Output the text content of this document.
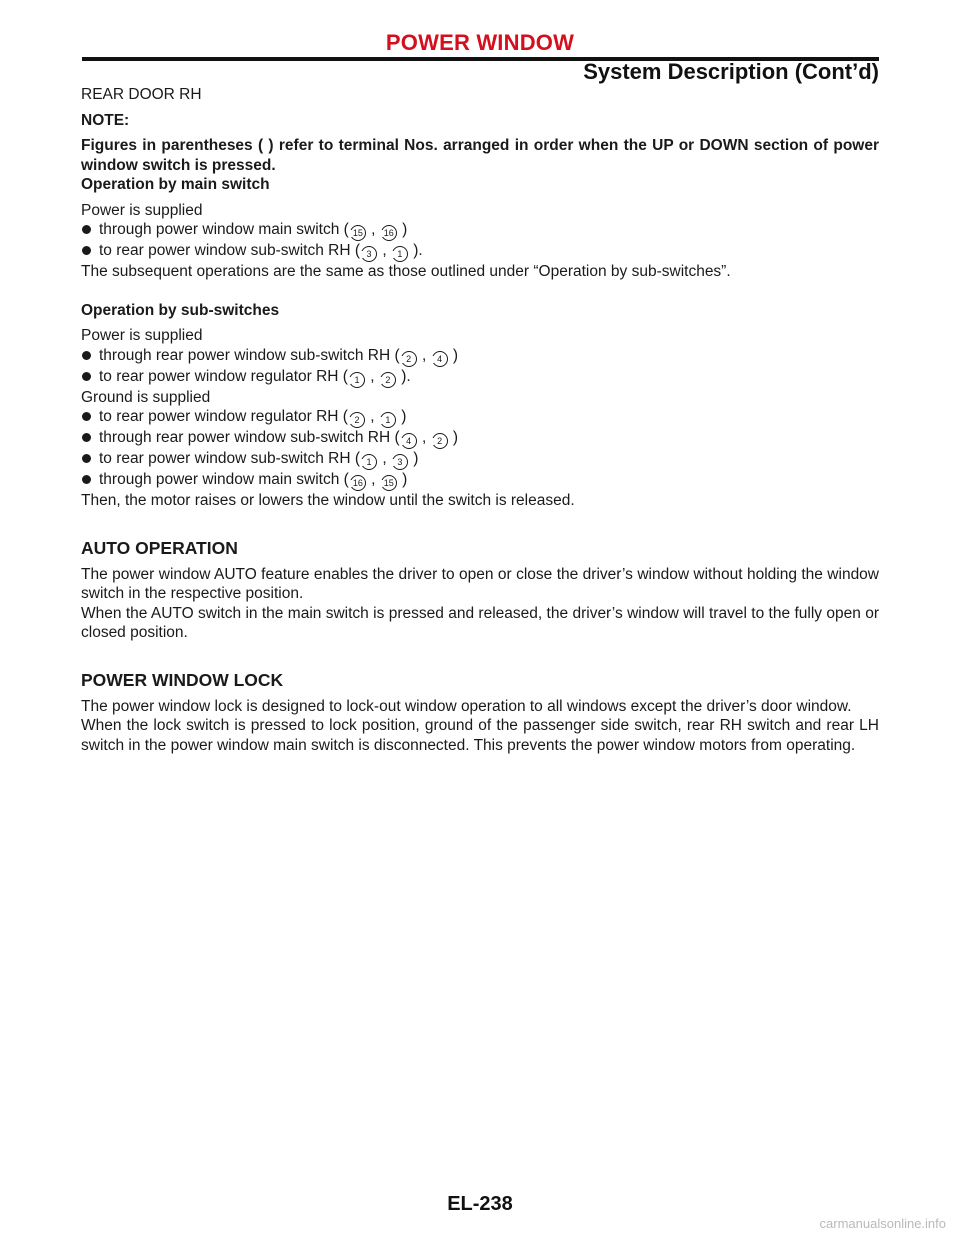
POWER WINDOW
System Description (Cont’d)

REAR DOOR RH

NOTE:

Figures in parentheses ( ) refer to terminal Nos. arranged in order when the UP or DOWN section of power window switch is pressed.

Operation by main switch

Power is supplied

through power window main switch ( 15 , 16 )

to rear power window sub-switch RH ( 3 , 1 ).

The subsequent operations are the same as those outlined under “Operation by sub-switches”.

Operation by sub-switches

Power is supplied

through rear power window sub-switch RH ( 2 , 4 )

to rear power window regulator RH ( 1 , 2 ).

Ground is supplied

to rear power window regulator RH ( 2 , 1 )

through rear power window sub-switch RH ( 4 , 2 )

to rear power window sub-switch RH ( 1 , 3 )

through power window main switch ( 16 , 15 )

Then, the motor raises or lowers the window until the switch is released.

AUTO OPERATION

The power window AUTO feature enables the driver to open or close the driver’s window without holding the window switch in the respective position.

When the AUTO switch in the main switch is pressed and released, the driver’s window will travel to the fully open or closed position.

POWER WINDOW LOCK

The power window lock is designed to lock-out window operation to all windows except the driver’s door window.

When the lock switch is pressed to lock position, ground of the passenger side switch, rear RH switch and rear LH switch in the power window main switch is disconnected. This prevents the power window motors from operating.

EL-238
carmanualsonline.info
